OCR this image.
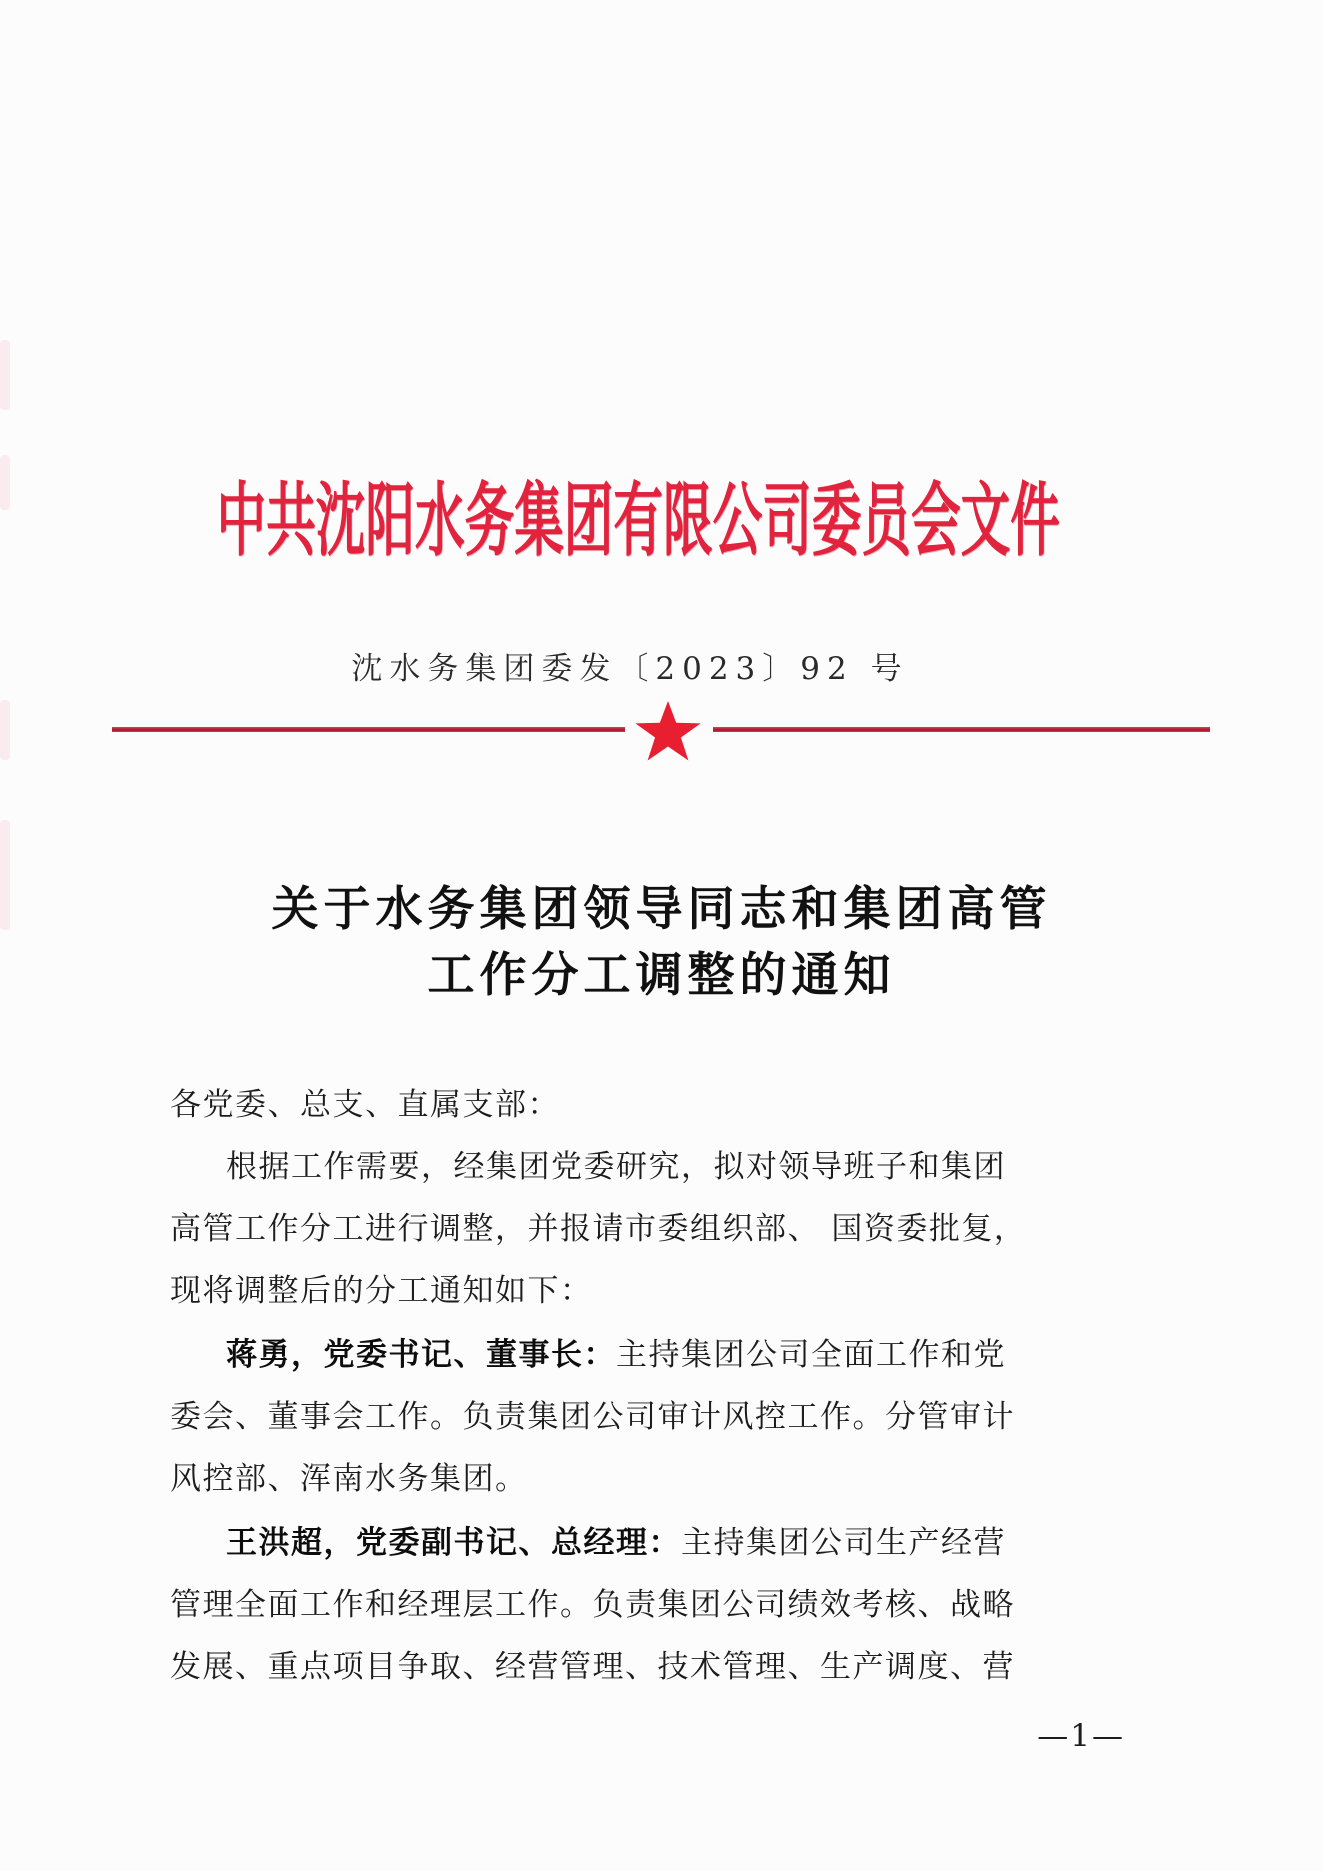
中共沈阳水务集团有限公司委员会文件
沈水务集团委发〔2023〕92 号
关于水务集团领导同志和集团高管
工作分工调整的通知
各党委、总支、直属支部：
根据工作需要，经集团党委研究，拟对领导班子和集团
高管工作分工进行调整，并报请市委组织部、 国资委批复，
现将调整后的分工通知如下：
蒋勇，党委书记、董事长：主持集团公司全面工作和党
委会、董事会工作。负责集团公司审计风控工作。分管审计
风控部、浑南水务集团。
王洪超，党委副书记、总经理：主持集团公司生产经营
管理全面工作和经理层工作。负责集团公司绩效考核、战略
发展、重点项目争取、经营管理、技术管理、生产调度、营
—1—
